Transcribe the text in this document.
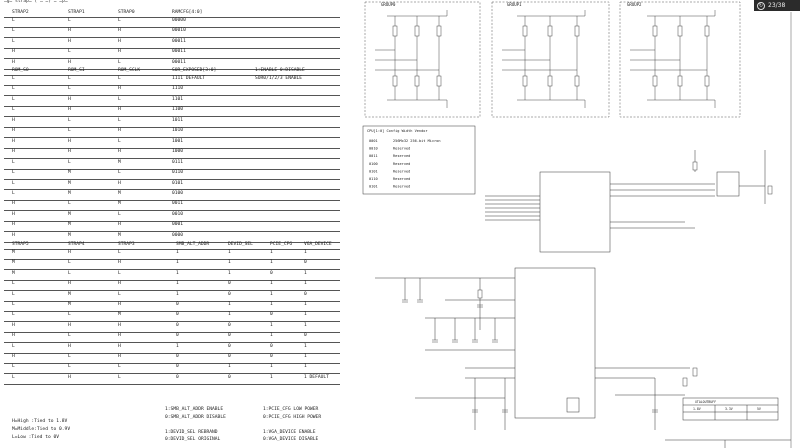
↻ 23/38
…g… strap… ( … …) … …p…
STRAP2	STRAP1	STRAP0	RAMCFG[4:0]
L	L	L	00000
L	H	H	00010
L	H	H	00011
H	L	H	00011
H	H	L	00011
ROM_SO	ROM_SI	ROM_SCLK	SOR_EXPOSED[3:0]	1:ENABLE 0:DISABLE
L	L	L	1111 DEFAULT	SOR0/1/2/3 ENABLE
L	L	H	1110
L	H	L	1101
L	H	H	1100
H	L	L	1011
H	L	H	1010
H	H	L	1001
H	H	H	1000
L	L	M	0111
L	M	L	0110
L	M	H	0101
L	M	M	0100
H	L	M	0011
H	M	L	0010
H	M	H	0001
H	M	M	0000
STRAP5	STRAP4	STRAP3	SMB_ALT_ADDR	DEVID_SEL	PCIE_CFG	VGA_DEVICE
M	H	L	1	1	1	1
M	L	H	1	1	1	0
M	L	L	1	1	0	1
L	H	H	1	0	1	1
L	M	L	1	0	1	0
L	M	H	0	1	1	1
L	L	M	0	1	0	1
H	H	H	0	0	1	1
H	L	H	0	0	1	0
L	H	H	1	0	0	1
H	L	H	0	0	0	1
L	L	L	0	1	1	1
L	H	L	0	0	1	1 DEFAULT
H=High :Tied to 1.8V
M=Middle:Tied to 0.9V
L=Low :Tied to 0V
1:SMB_ALT_ADDR ENABLE
0:SMB_ALT_ADDR DISABLE
1:DEVID_SEL REBRAND
0:DEVID_SEL ORIGINAL
1:PCIE_CFG LOW POWER
0:PCIE_CFG HIGH POWER
1:VGA_DEVICE ENABLE
0:VGA_DEVICE DISABLE
GROUP0	GROUP1	GROUP2
CPU[1:0] Config Width Vendor
0001	256Mx32 256-bit Micron
0010	Reserved
0011	Reserved
0100	Reserved
0101	Reserved
0110	Reserved
0101	Reserved
XTALOUTBUFF
1.8V	3.3V	5V
